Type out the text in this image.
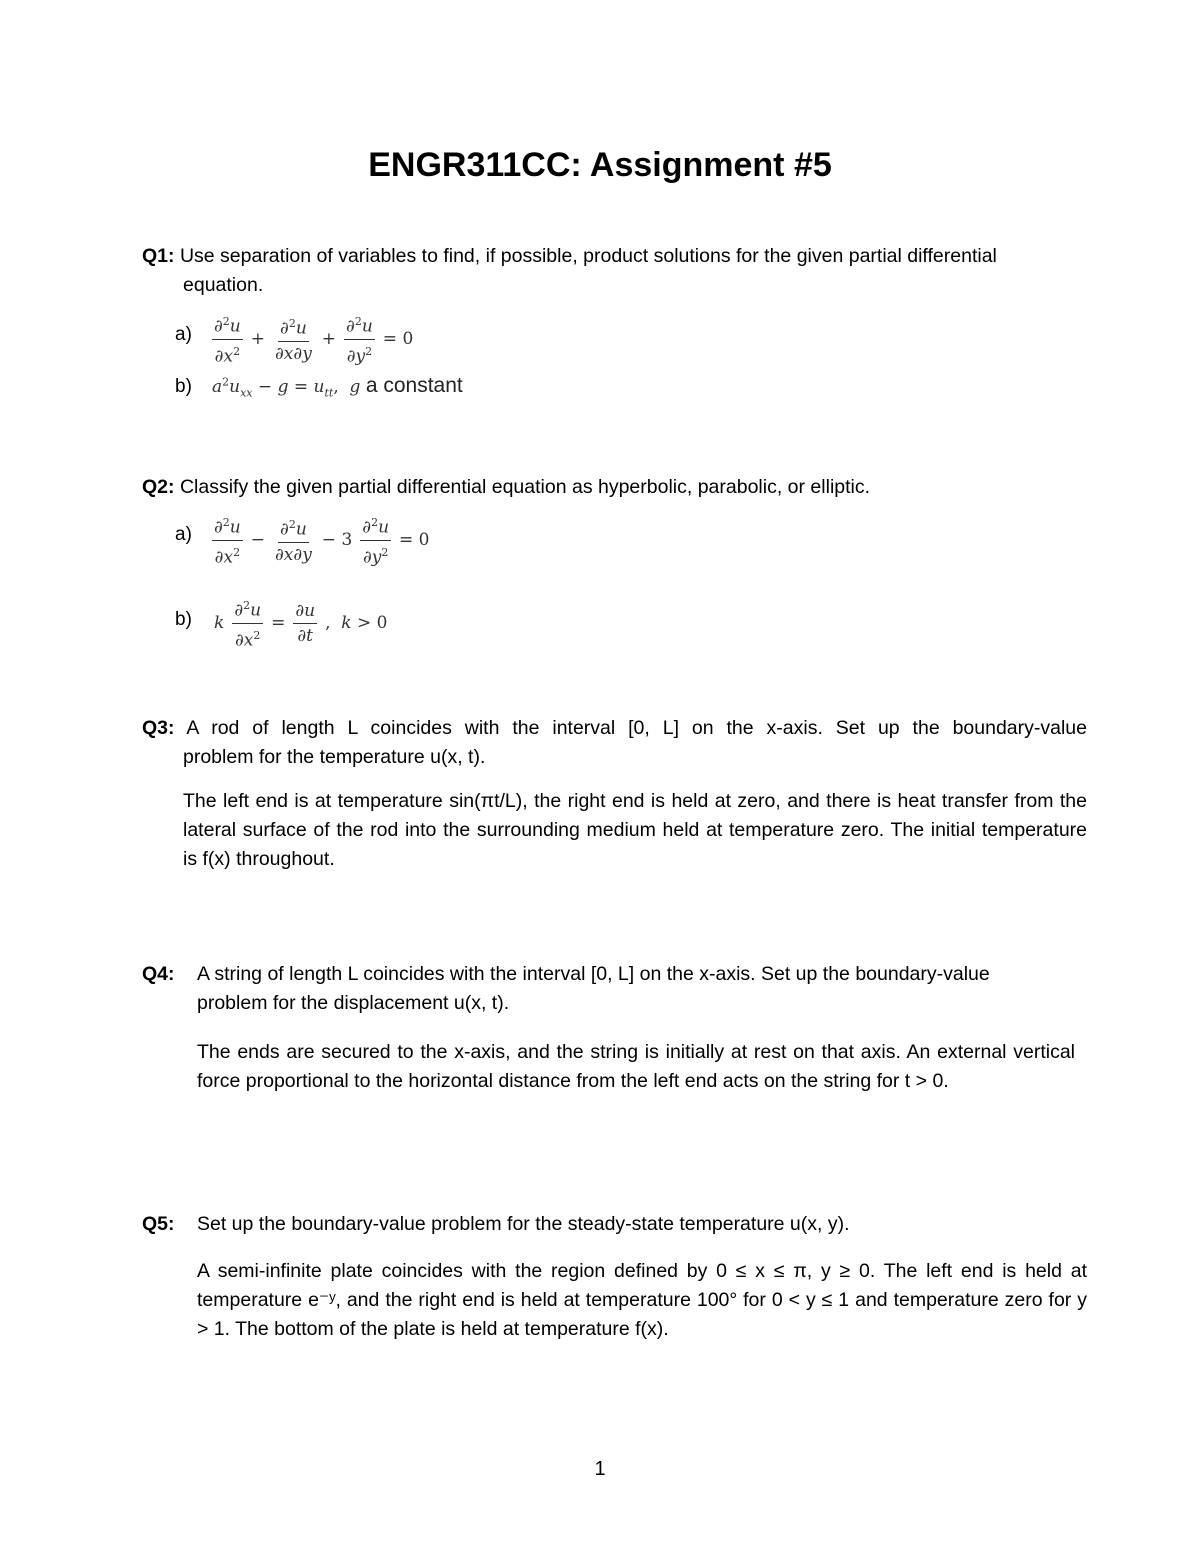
ENGR311CC: Assignment #5
Q1: Use separation of variables to find, if possible, product solutions for the given partial differential
equation.
$a) \frac{\partial^2u}{\partial x^2} + \frac{\partial^2u}{\partial x\partial y} + \frac{\partial^2u}{\partial y^2} = 0$
b) $a^2u_{xx} - g = u_{tt}$,  g a constant
Q2: Classify the given partial differential equation as hyperbolic, parabolic, or elliptic.
$a) \frac{\partial^2u}{\partial x^2} - \frac{\partial^2u}{\partial x\partial y} - 3 \frac{\partial^2u}{\partial y^2} = 0$
b) k $\frac{\partial^2u}{\partial x^2} = \frac{\partial u}{\partial t}$ ,  k > 0
Q3: A rod of length L coincides with the interval [0, L] on the x-axis. Set up the boundary-value
problem for the temperature u(x, t).
The left end is at temperature sin(πt/L), the right end is held at zero, and there is heat transfer from the lateral surface of the rod into the surrounding medium held at temperature zero. The initial temperature is f(x) throughout.
Q4: A string of length L coincides with the interval [0, L] on the x-axis. Set up the boundary-value
problem for the displacement u(x, t).
The ends are secured to the x-axis, and the string is initially at rest on that axis. An external vertical force proportional to the horizontal distance from the left end acts on the string for t > 0.
Q5: Set up the boundary-value problem for the steady-state temperature u(x, y).
A semi-infinite plate coincides with the region defined by 0 ≤ x ≤ π, y ≥ 0. The left end is held at temperature e⁻ʸ, and the right end is held at temperature 100° for 0 < y ≤ 1 and temperature zero for y > 1. The bottom of the plate is held at temperature f(x).
1
